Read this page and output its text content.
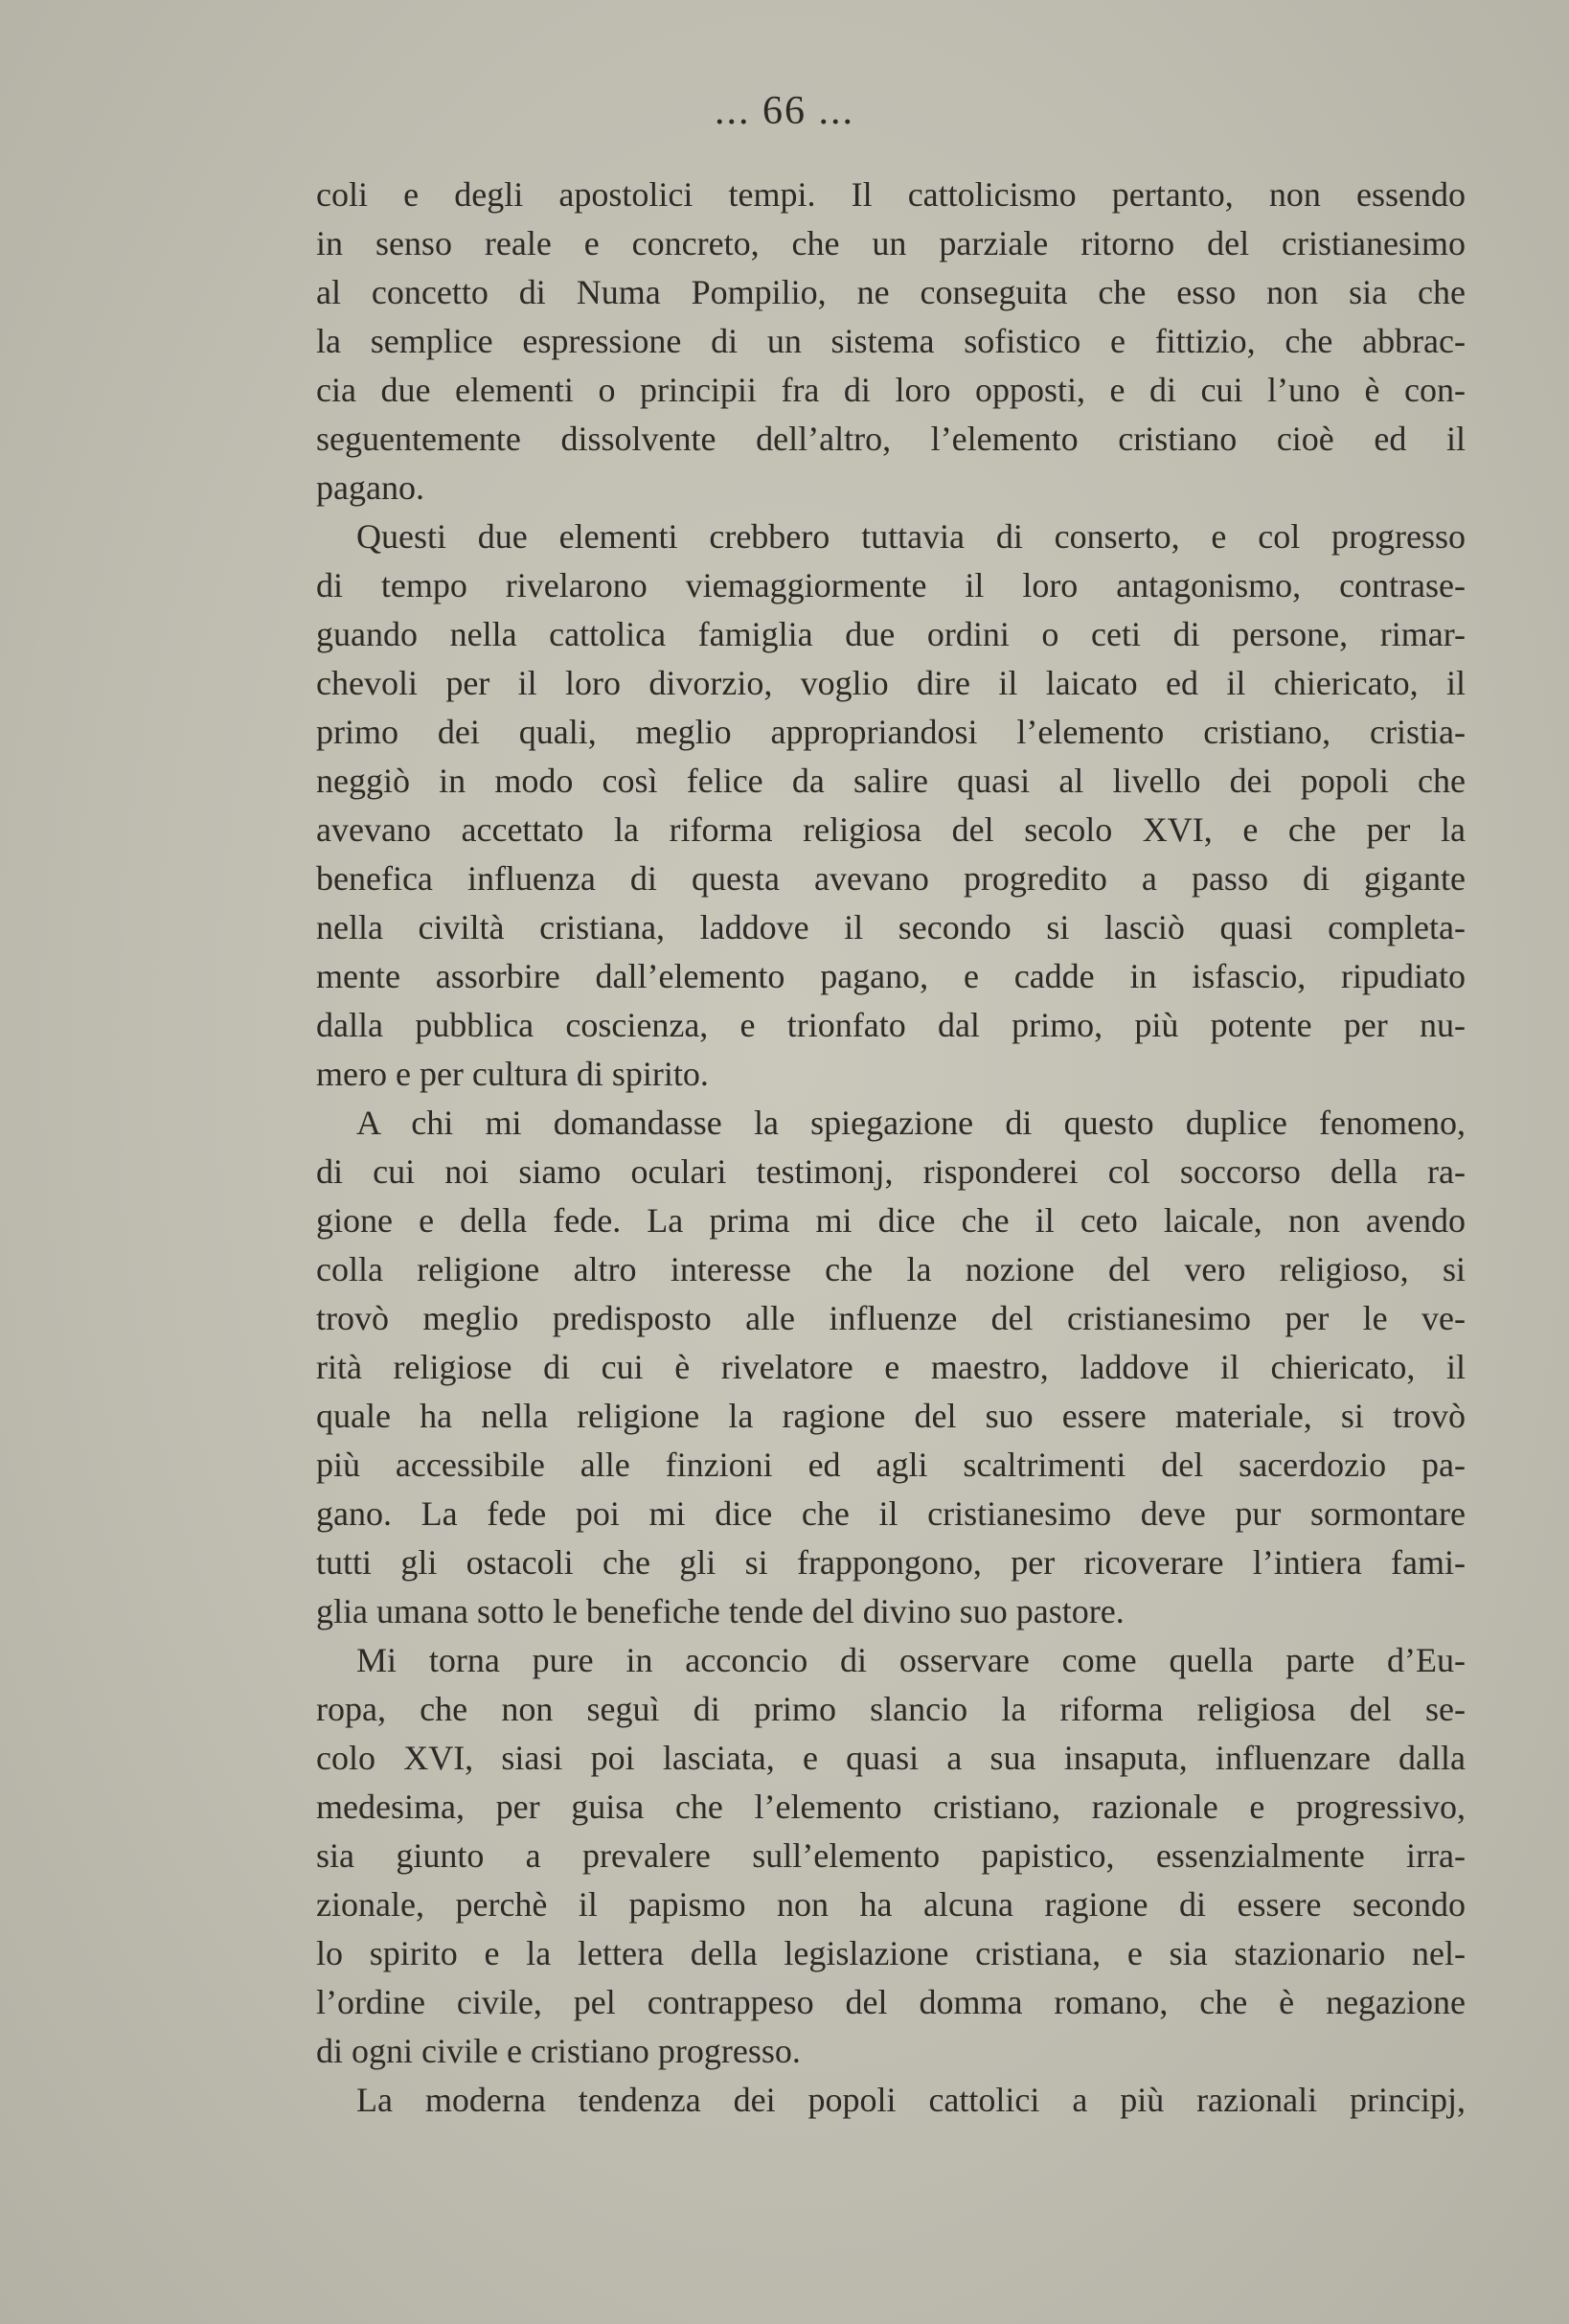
... 66 ...
coli e degli apostolici tempi. Il cattolicismo pertanto, non essendo
in senso reale e concreto, che un parziale ritorno del cristianesimo
al concetto di Numa Pompilio, ne conseguita che esso non sia che
la semplice espressione di un sistema sofistico e fittizio, che abbrac-
cia due elementi o principii fra di loro opposti, e di cui l’uno è con-
seguentemente dissolvente dell’altro, l’elemento cristiano cioè ed il
pagano.
Questi due elementi crebbero tuttavia di conserto, e col progresso
di tempo rivelarono viemaggiormente il loro antagonismo, contrase-
guando nella cattolica famiglia due ordini o ceti di persone, rimar-
chevoli per il loro divorzio, voglio dire il laicato ed il chiericato, il
primo dei quali, meglio appropriandosi l’elemento cristiano, cristia-
neggiò in modo così felice da salire quasi al livello dei popoli che
avevano accettato la riforma religiosa del secolo XVI, e che per la
benefica influenza di questa avevano progredito a passo di gigante
nella civiltà cristiana, laddove il secondo si lasciò quasi completa-
mente assorbire dall’elemento pagano, e cadde in isfascio, ripudiato
dalla pubblica coscienza, e trionfato dal primo, più potente per nu-
mero e per cultura di spirito.
A chi mi domandasse la spiegazione di questo duplice fenomeno,
di cui noi siamo oculari testimonj, risponderei col soccorso della ra-
gione e della fede. La prima mi dice che il ceto laicale, non avendo
colla religione altro interesse che la nozione del vero religioso, si
trovò meglio predisposto alle influenze del cristianesimo per le ve-
rità religiose di cui è rivelatore e maestro, laddove il chiericato, il
quale ha nella religione la ragione del suo essere materiale, si trovò
più accessibile alle finzioni ed agli scaltrimenti del sacerdozio pa-
gano. La fede poi mi dice che il cristianesimo deve pur sormontare
tutti gli ostacoli che gli si frappongono, per ricoverare l’intiera fami-
glia umana sotto le benefiche tende del divino suo pastore.
Mi torna pure in acconcio di osservare come quella parte d’Eu-
ropa, che non seguì di primo slancio la riforma religiosa del se-
colo XVI, siasi poi lasciata, e quasi a sua insaputa, influenzare dalla
medesima, per guisa che l’elemento cristiano, razionale e progressivo,
sia giunto a prevalere sull’elemento papistico, essenzialmente irra-
zionale, perchè il papismo non ha alcuna ragione di essere secondo
lo spirito e la lettera della legislazione cristiana, e sia stazionario nel-
l’ordine civile, pel contrappeso del domma romano, che è negazione
di ogni civile e cristiano progresso.
La moderna tendenza dei popoli cattolici a più razionali principj,
